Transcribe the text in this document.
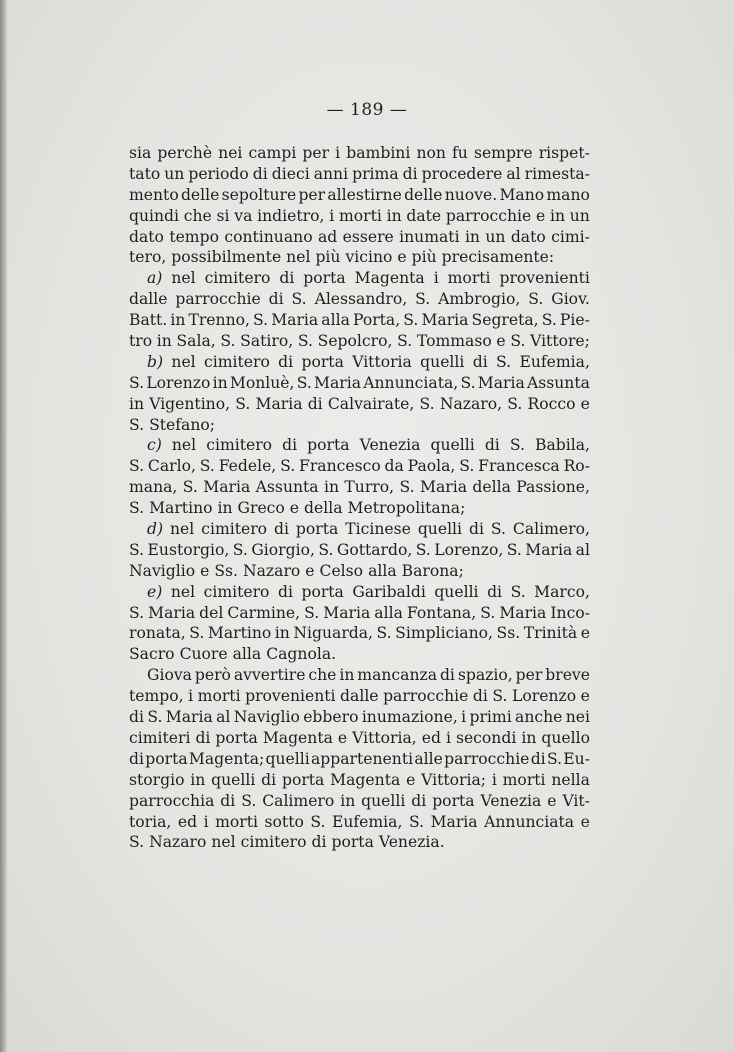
— 189 —
sia perchè nei campi per i bambini non fu sempre rispet-
tato un periodo di dieci anni prima di procedere al rimesta-
mento delle sepolture per allestirne delle nuove. Mano mano
quindi che si va indietro, i morti in date parrocchie e in un
dato tempo continuano ad essere inumati in un dato cimi-
tero, possibilmente nel più vicino e più precisamente:
a) nel cimitero di porta Magenta i morti provenienti
dalle parrocchie di S. Alessandro, S. Ambrogio, S. Giov.
Batt. in Trenno, S. Maria alla Porta, S. Maria Segreta, S. Pie-
tro in Sala, S. Satiro, S. Sepolcro, S. Tommaso e S. Vittore;
b) nel cimitero di porta Vittoria quelli di S. Eufemia,
S. Lorenzo in Monluè, S. Maria Annunciata, S. Maria Assunta
in Vigentino, S. Maria di Calvairate, S. Nazaro, S. Rocco e
S. Stefano;
c) nel cimitero di porta Venezia quelli di S. Babila,
S. Carlo, S. Fedele, S. Francesco da Paola, S. Francesca Ro-
mana, S. Maria Assunta in Turro, S. Maria della Passione,
S. Martino in Greco e della Metropolitana;
d) nel cimitero di porta Ticinese quelli di S. Calimero,
S. Eustorgio, S. Giorgio, S. Gottardo, S. Lorenzo, S. Maria al
Naviglio e Ss. Nazaro e Celso alla Barona;
e) nel cimitero di porta Garibaldi quelli di S. Marco,
S. Maria del Carmine, S. Maria alla Fontana, S. Maria Inco-
ronata, S. Martino in Niguarda, S. Simpliciano, Ss. Trinità e
Sacro Cuore alla Cagnola.
Giova però avvertire che in mancanza di spazio, per breve
tempo, i morti provenienti dalle parrocchie di S. Lorenzo e
di S. Maria al Naviglio ebbero inumazione, i primi anche nei
cimiteri di porta Magenta e Vittoria, ed i secondi in quello
di porta Magenta; quelli appartenenti alle parrocchie di S. Eu-
storgio in quelli di porta Magenta e Vittoria; i morti nella
parrocchia di S. Calimero in quelli di porta Venezia e Vit-
toria, ed i morti sotto S. Eufemia, S. Maria Annunciata e
S. Nazaro nel cimitero di porta Venezia.
